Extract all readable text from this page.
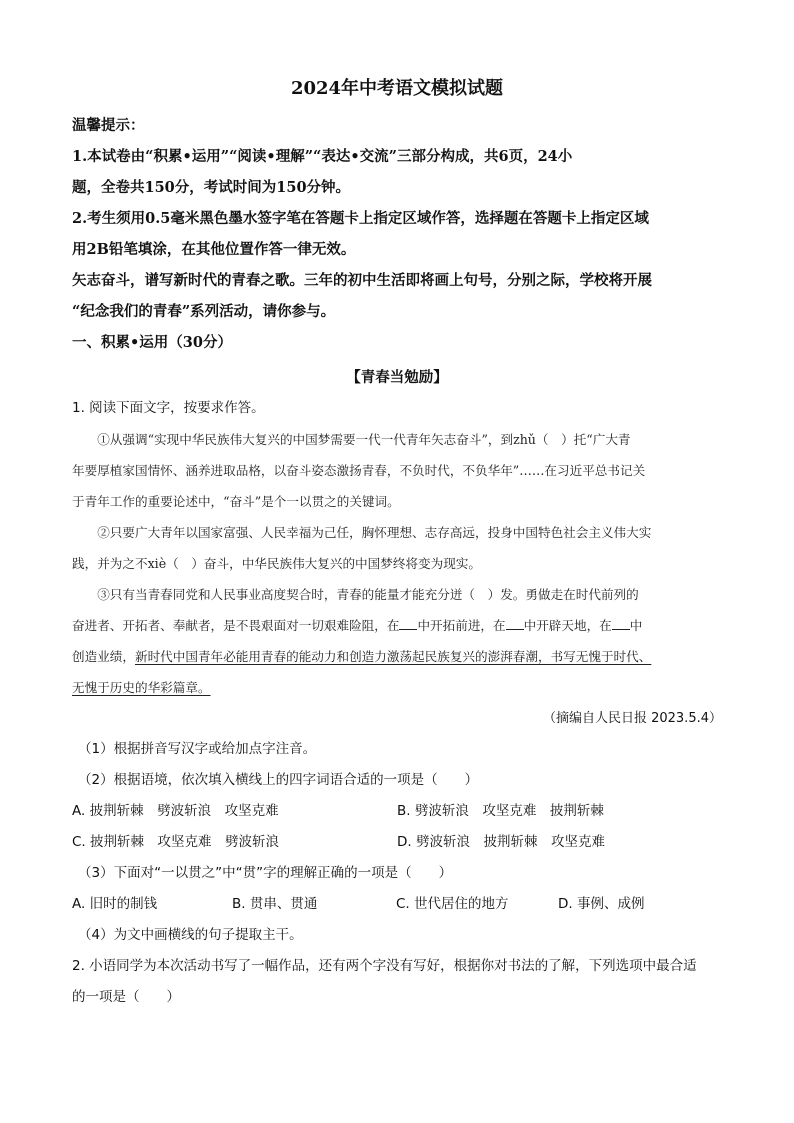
2024年中考语文模拟试题

温馨提示：

1.本试卷由“积累•运用”“阅读•理解”“表达•交流”三部分构成，共6页，24小

题，全卷共150分，考试时间为150分钟。

2.考生须用0.5毫米黑色墨水签字笔在答题卡上指定区域作答，选择题在答题卡上指定区域

用2B铅笔填涂，在其他位置作答一律无效。

矢志奋斗，谱写新时代的青春之歌。三年的初中生活即将画上句号，分别之际，学校将开展

“纪念我们的青春”系列活动，请你参与。

一、积累•运用（30分）

【青春当勉励】

1. 阅读下面文字，按要求作答。

①从强调“实现中华民族伟大复兴的中国梦需要一代一代青年矢志奋斗”，到zhǔ（　）托“广大青

年要厚植家国情怀、涵养进取品格，以奋斗姿态激扬青春，不负时代，不负华年”……在习近平总书记关

于青年工作的重要论述中，“奋斗”是个一以贯之的关键词。

②只要广大青年以国家富强、人民幸福为己任，胸怀理想、志存高远，投身中国特色社会主义伟大实

践，并为之不xiè（　）奋斗，中华民族伟大复兴的中国梦终将变为现实。

③只有当青春同党和人民事业高度契合时，青春的能量才能充分迸（　）发。勇做走在时代前列的

奋进者、开拓者、奉献者，是不畏艰面对一切艰难险阻，在 中开拓前进，在 中开辟天地，在 中

创造业绩，新时代中国青年必能用青春的能动力和创造力激荡起民族复兴的澎湃春潮，书写无愧于时代、

无愧于历史的华彩篇章。

（摘编自人民日报 2023.5.4）

（1）根据拼音写汉字或给加点字注音。

（2）根据语境，依次填入横线上的四字词语合适的一项是（　　）

A. 披荆斩棘　劈波斩浪　攻坚克难	B. 劈波斩浪　攻坚克难　披荆斩棘
C. 披荆斩棘　攻坚克难　劈波斩浪	D. 劈波斩浪　披荆斩棘　攻坚克难

（3）下面对“一以贯之”中“贯”字的理解正确的一项是（　　）

A. 旧时的制钱	B. 贯串、贯通	C. 世代居住的地方	D. 事例、成例

（4）为文中画横线的句子提取主干。

2. 小语同学为本次活动书写了一幅作品，还有两个字没有写好，根据你对书法的了解，下列选项中最合适

的一项是（　　）
